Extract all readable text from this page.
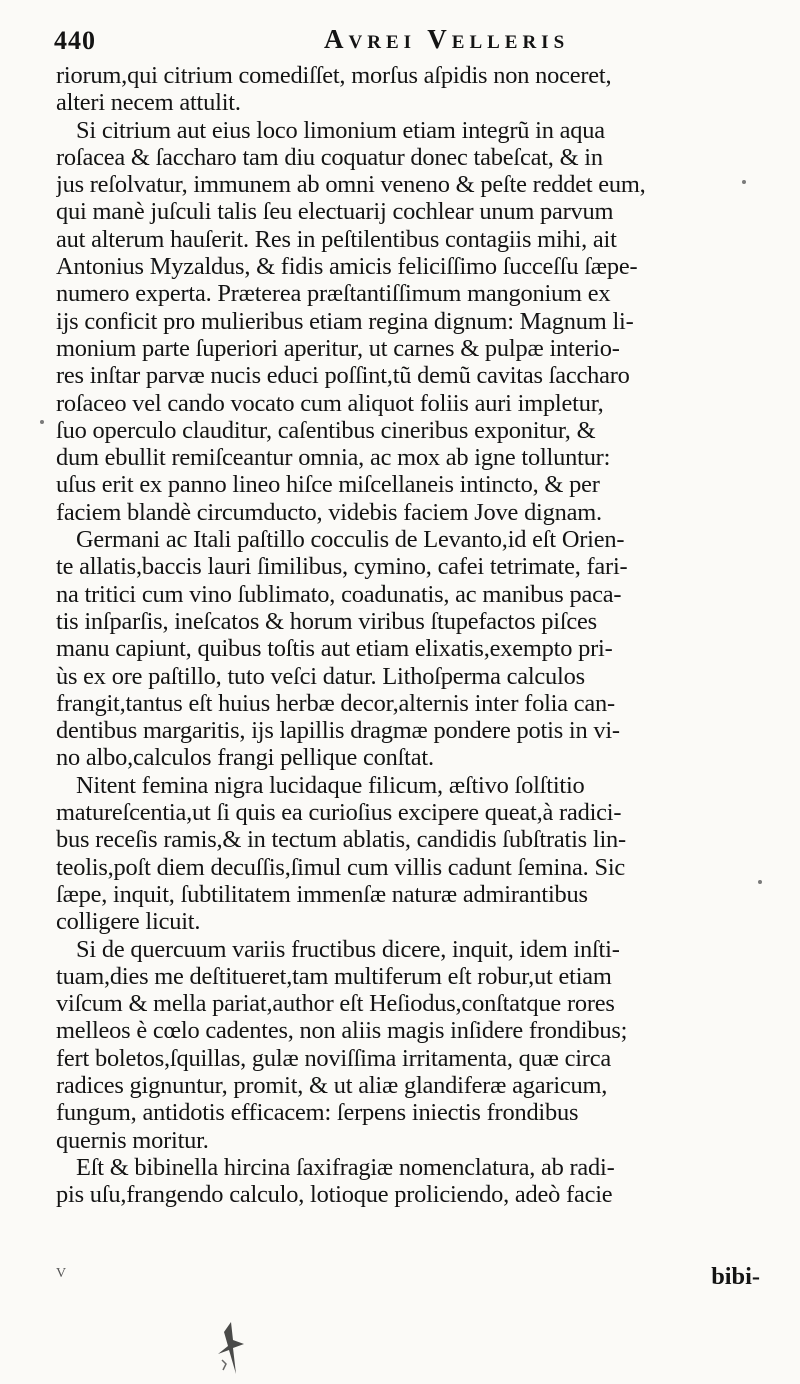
440	Avrei Velleris
riorum,qui citrium comediſſet, morſus aſpidis non noceret,
alteri necem attulit.
Si citrium aut eius loco limonium etiam integrũ in aqua
roſacea & ſaccharo tam diu coquatur donec tabeſcat, & in
jus reſolvatur, immunem ab omni veneno & peſte reddet eum,
qui manè juſculi talis ſeu electuarij cochlear unum parvum
aut alterum hauſerit. Res in peſtilentibus contagiis mihi, ait
Antonius Myzaldus, & fidis amicis feliciſſimo ſucceſſu ſæpe-
numero experta. Præterea præſtantiſſimum mangonium ex
ijs conficit pro mulieribus etiam regina dignum: Magnum li-
monium parte ſuperiori aperitur, ut carnes & pulpæ interio-
res inſtar parvæ nucis educi poſſint,tũ demũ cavitas ſaccharo
roſaceo vel cando vocato cum aliquot foliis auri impletur,
ſuo operculo clauditur, caſentibus cineribus exponitur, &
dum ebullit remiſceantur omnia, ac mox ab igne tolluntur:
uſus erit ex panno lineo hiſce miſcellaneis intincto, & per
faciem blandè circumducto, videbis faciem Jove dignam.
Germani ac Itali paſtillo cocculis de Levanto,id eſt Orien-
te allatis,baccis lauri ſimilibus, cymino, cafei tetrimate, fari-
na tritici cum vino ſublimato, coadunatis, ac manibus paca-
tis inſparſis, ineſcatos & horum viribus ſtupefactos piſces
manu capiunt, quibus toſtis aut etiam elixatis,exempto pri-
ùs ex ore paſtillo, tuto veſci datur. Lithoſperma calculos
frangit,tantus eſt huius herbæ decor,alternis inter folia can-
dentibus margaritis, ijs lapillis dragmæ pondere potis in vi-
no albo,calculos frangi pellique conſtat.
Nitent femina nigra lucidaque filicum, æſtivo ſolſtitio
matureſcentia,ut ſi quis ea curioſius excipere queat,à radici-
bus receſis ramis,& in tectum ablatis, candidis ſubſtratis lin-
teolis,poſt diem decuſſis,ſimul cum villis cadunt ſemina. Sic
ſæpe, inquit, ſubtilitatem immenſæ naturæ admirantibus
colligere licuit.
Si de quercuum variis fructibus dicere, inquit, idem inſti-
tuam,dies me deſtitueret,tam multiferum eſt robur,ut etiam
viſcum & mella pariat,author eſt Heſiodus,conſtatque rores
melleos è cœlo cadentes, non aliis magis inſidere frondibus;
fert boletos,ſquillas, gulæ noviſſima irritamenta, quæ circa
radices gignuntur, promit, & ut aliæ glandiferæ agaricum,
fungum, antidotis efficacem: ſerpens iniectis frondibus
quernis moritur.
Eſt & bibinella hircina ſaxifragiæ nomenclatura, ab radi-
pis uſu,frangendo calculo, lotioque proliciendo, adeò facie
V	bibi-
